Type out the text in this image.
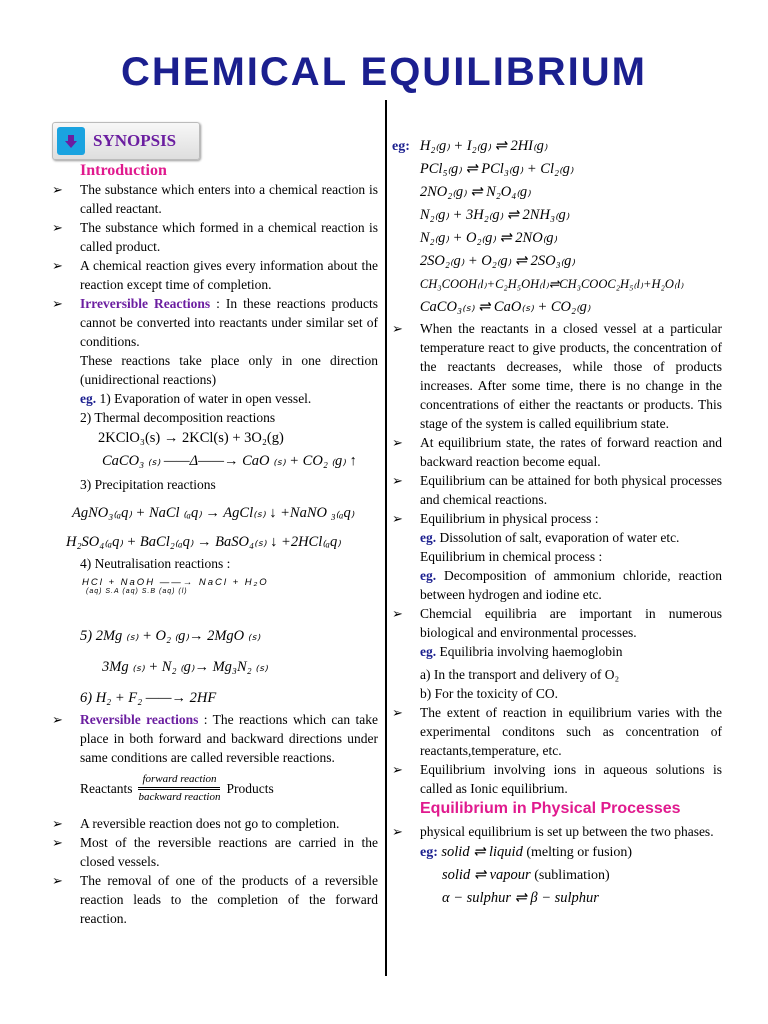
CHEMICAL EQUILIBRIUM
SYNOPSIS
Introduction
➢ The substance which enters into a chemical reaction is called reactant.
➢ The substance which formed in a chemical reaction is called product.
➢ A chemical reaction gives every information about the reaction except time of completion.
➢ Irreversible Reactions : In these reactions products cannot be converted into reactants under similar set of conditions.
These reactions take place only in one direction (unidirectional reactions)
eg. 1) Evaporation of water in open vessel.
2) Thermal decomposition reactions
2KClO₃(s) → 2KCl(s) + 3O₂(g)
CaCO₃ ₍ₛ₎ ——Δ——→ CaO ₍ₛ₎ + CO₂ ₍g₎ ↑
3) Precipitation reactions
AgNO₃₍ₐq₎ + NaCl ₍ₐq₎ → AgCl₍ₛ₎ ↓ +NaNO ₃₍ₐq₎
H₂SO₄₍ₐq₎ + BaCl₂₍ₐq₎ → BaSO₄₍ₛ₎ ↓ +2HCl₍ₐq₎
4) Neutralisation reactions :
HCl + NaOH ——→ NaCl + H₂O
(aq) S.A (aq) S.B (aq) (l)
5) 2Mg ₍ₛ₎ + O₂ ₍g₎→ 2MgO ₍ₛ₎
3Mg ₍ₛ₎ + N₂ ₍g₎→ Mg₃N₂ ₍ₛ₎
6) H₂ + F₂ ——→ 2HF
➢ Reversible reactions : The reactions which can take place in both forward and backward directions under same conditions are called reversible reactions.
Reactants
forward reaction
backward reaction
Products
➢ A reversible reaction does not go to completion.
➢ Most of the reversible reactions are carried in the closed vessels.
➢ The removal of one of the products of a reversible reaction leads to the completion of the forward reaction.
eg: H₂₍g₎ + I₂₍g₎ ⇌ 2HI₍g₎
PCl₅₍g₎ ⇌ PCl₃₍g₎ + Cl₂₍g₎
2NO₂₍g₎ ⇌ N₂O₄₍g₎
N₂₍g₎ + 3H₂₍g₎ ⇌ 2NH₃₍g₎
N₂₍g₎ + O₂₍g₎ ⇌ 2NO₍g₎
2SO₂₍g₎ + O₂₍g₎ ⇌ 2SO₃₍g₎
CH₃COOH₍l₎+C₂H₅OH₍l₎⇌CH₃COOC₂H₅₍l₎+H₂O₍l₎
CaCO₃₍ₛ₎ ⇌ CaO₍ₛ₎ + CO₂₍g₎
➢ When the reactants in a closed vessel at a particular temperature react to give products, the concentration of the reactants decreases, while those of products increases. After some time, there is no change in the concentrations of either the reactants or products. This stage of the system is called equilibrium state.
➢ At equilibrium state, the rates of forward reaction and backward reaction become equal.
➢ Equilibrium can be attained for both physical processes and chemical reactions.
➢ Equilibrium in physical process :
eg. Dissolution of salt, evaporation of water etc.
Equilibrium in chemical process :
eg. Decomposition of ammonium chloride, reaction between hydrogen and iodine etc.
➢ Chemcial equilibria are important in numerous biological and environmental processes.
eg. Equilibria involving haemoglobin
a) In the transport and delivery of O₂
b) For the toxicity of CO.
➢ The extent of reaction in equilibrium varies with the experimental conditons such as concentration of reactants,temperature, etc.
➢ Equilibrium involving ions in aqueous solutions is called as Ionic equilibrium.
Equilibrium in Physical Processes
➢ physical equilibrium is set up between the two phases.
eg: solid ⇌ liquid (melting or fusion)
solid ⇌ vapour (sublimation)
α − sulphur ⇌ β − sulphur
